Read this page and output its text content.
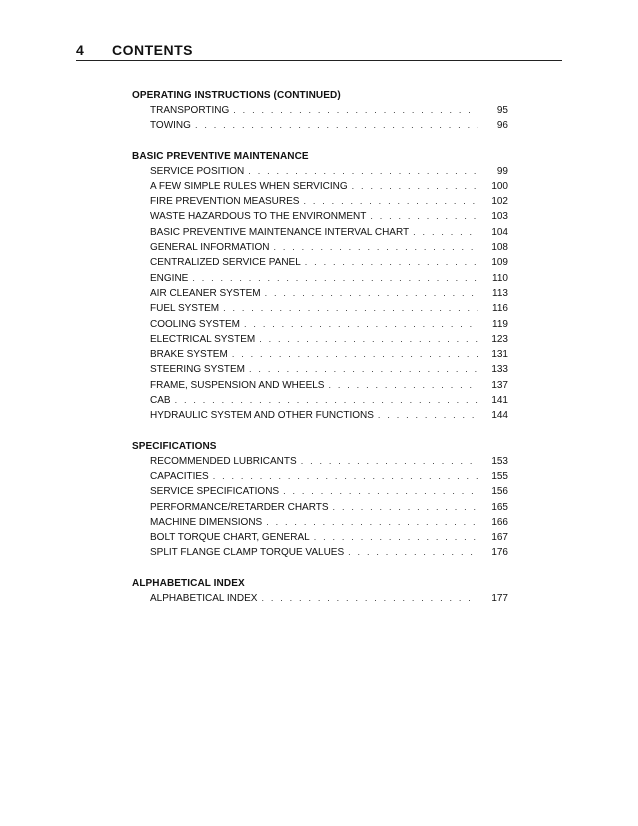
4 CONTENTS
OPERATING INSTRUCTIONS (CONTINUED)
TRANSPORTING . . .	95
TOWING . . .	96
BASIC PREVENTIVE MAINTENANCE
SERVICE POSITION . . .	99
A FEW SIMPLE RULES WHEN SERVICING . . .	100
FIRE PREVENTION MEASURES . . .	102
WASTE HAZARDOUS TO THE ENVIRONMENT . . .	103
BASIC PREVENTIVE MAINTENANCE INTERVAL CHART . . .	104
GENERAL INFORMATION . . .	108
CENTRALIZED SERVICE PANEL . . .	109
ENGINE . . .	110
AIR CLEANER SYSTEM . . .	113
FUEL SYSTEM . . .	116
COOLING SYSTEM . . .	119
ELECTRICAL SYSTEM . . .	123
BRAKE SYSTEM . . .	131
STEERING SYSTEM . . .	133
FRAME, SUSPENSION AND WHEELS . . .	137
CAB . . .	141
HYDRAULIC SYSTEM AND OTHER FUNCTIONS . . .	144
SPECIFICATIONS
RECOMMENDED LUBRICANTS . . .	153
CAPACITIES . . .	155
SERVICE SPECIFICATIONS . . .	156
PERFORMANCE/RETARDER CHARTS . . .	165
MACHINE DIMENSIONS . . .	166
BOLT TORQUE CHART, GENERAL . . .	167
SPLIT FLANGE CLAMP TORQUE VALUES . . .	176
ALPHABETICAL INDEX
ALPHABETICAL INDEX . . .	177
